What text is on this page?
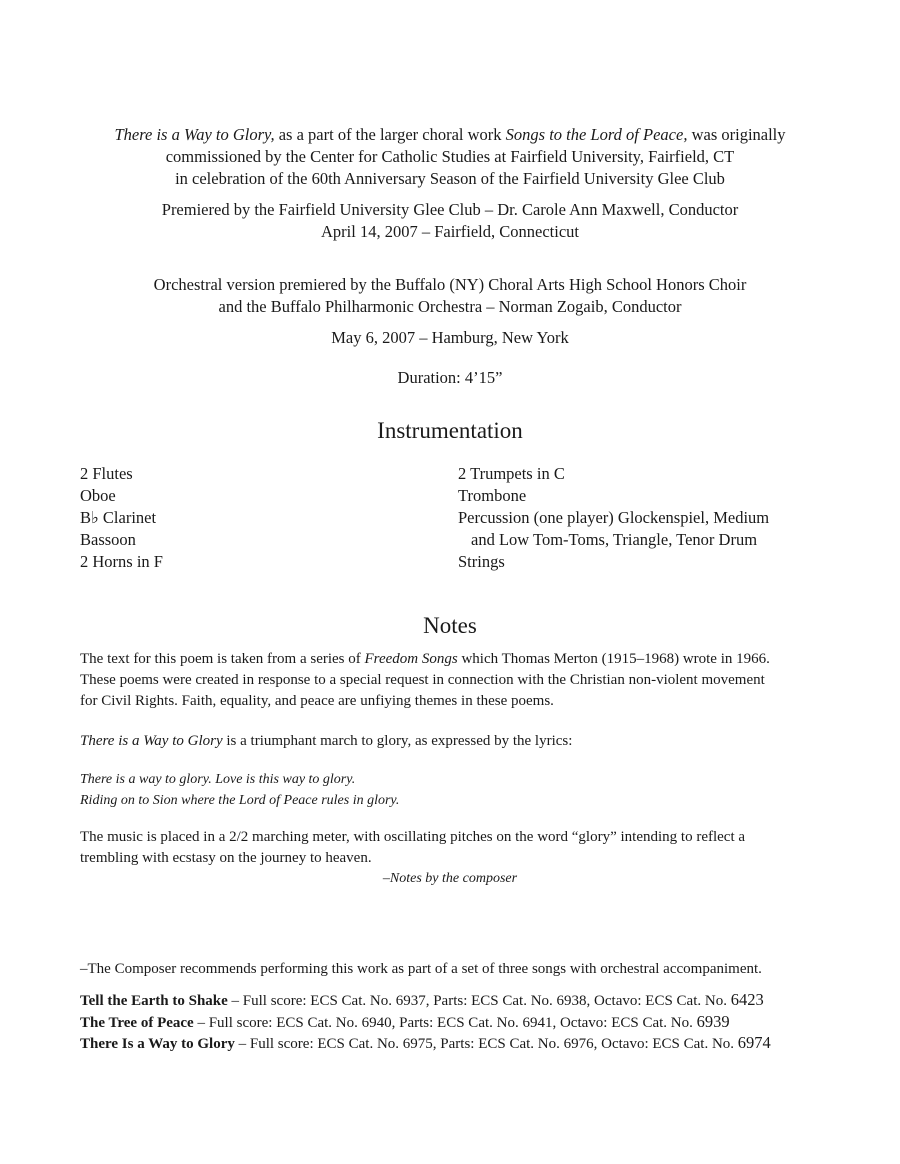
There is a Way to Glory, as a part of the larger choral work Songs to the Lord of Peace, was originally
commissioned by the Center for Catholic Studies at Fairfield University, Fairfield, CT
in celebration of the 60th Anniversary Season of the Fairfield University Glee Club
Premiered by the Fairfield University Glee Club – Dr. Carole Ann Maxwell, Conductor
April 14, 2007 – Fairfield, Connecticut
Orchestral version premiered by the Buffalo (NY) Choral Arts High School Honors Choir
and the Buffalo Philharmonic Orchestra – Norman Zogaib, Conductor
May 6, 2007 – Hamburg, New York
Duration: 4’15”
Instrumentation
2 Flutes
Oboe
B♭ Clarinet
Bassoon
2 Horns in F
2 Trumpets in C
Trombone
Percussion (one player) Glockenspiel, Medium
and Low Tom-Toms, Triangle, Tenor Drum
Strings
Notes
The text for this poem is taken from a series of Freedom Songs which Thomas Merton (1915–1968) wrote in 1966.
These poems were created in response to a special request in connection with the Christian non-violent movement
for Civil Rights. Faith, equality, and peace are unfiying themes in these poems.
There is a Way to Glory is a triumphant march to glory, as expressed by the lyrics:
There is a way to glory. Love is this way to glory.
Riding on to Sion where the Lord of Peace rules in glory.
The music is placed in a 2/2 marching meter, with oscillating pitches on the word “glory” intending to reflect a
trembling with ecstasy on the journey to heaven.
–Notes by the composer
–The Composer recommends performing this work as part of a set of three songs with orchestral accompaniment.
Tell the Earth to Shake – Full score: ECS Cat. No. 6937, Parts: ECS Cat. No. 6938, Octavo: ECS Cat. No. 6423
The Tree of Peace – Full score: ECS Cat. No. 6940, Parts: ECS Cat. No. 6941, Octavo: ECS Cat. No. 6939
There Is a Way to Glory – Full score: ECS Cat. No. 6975, Parts: ECS Cat. No. 6976, Octavo: ECS Cat. No. 6974
